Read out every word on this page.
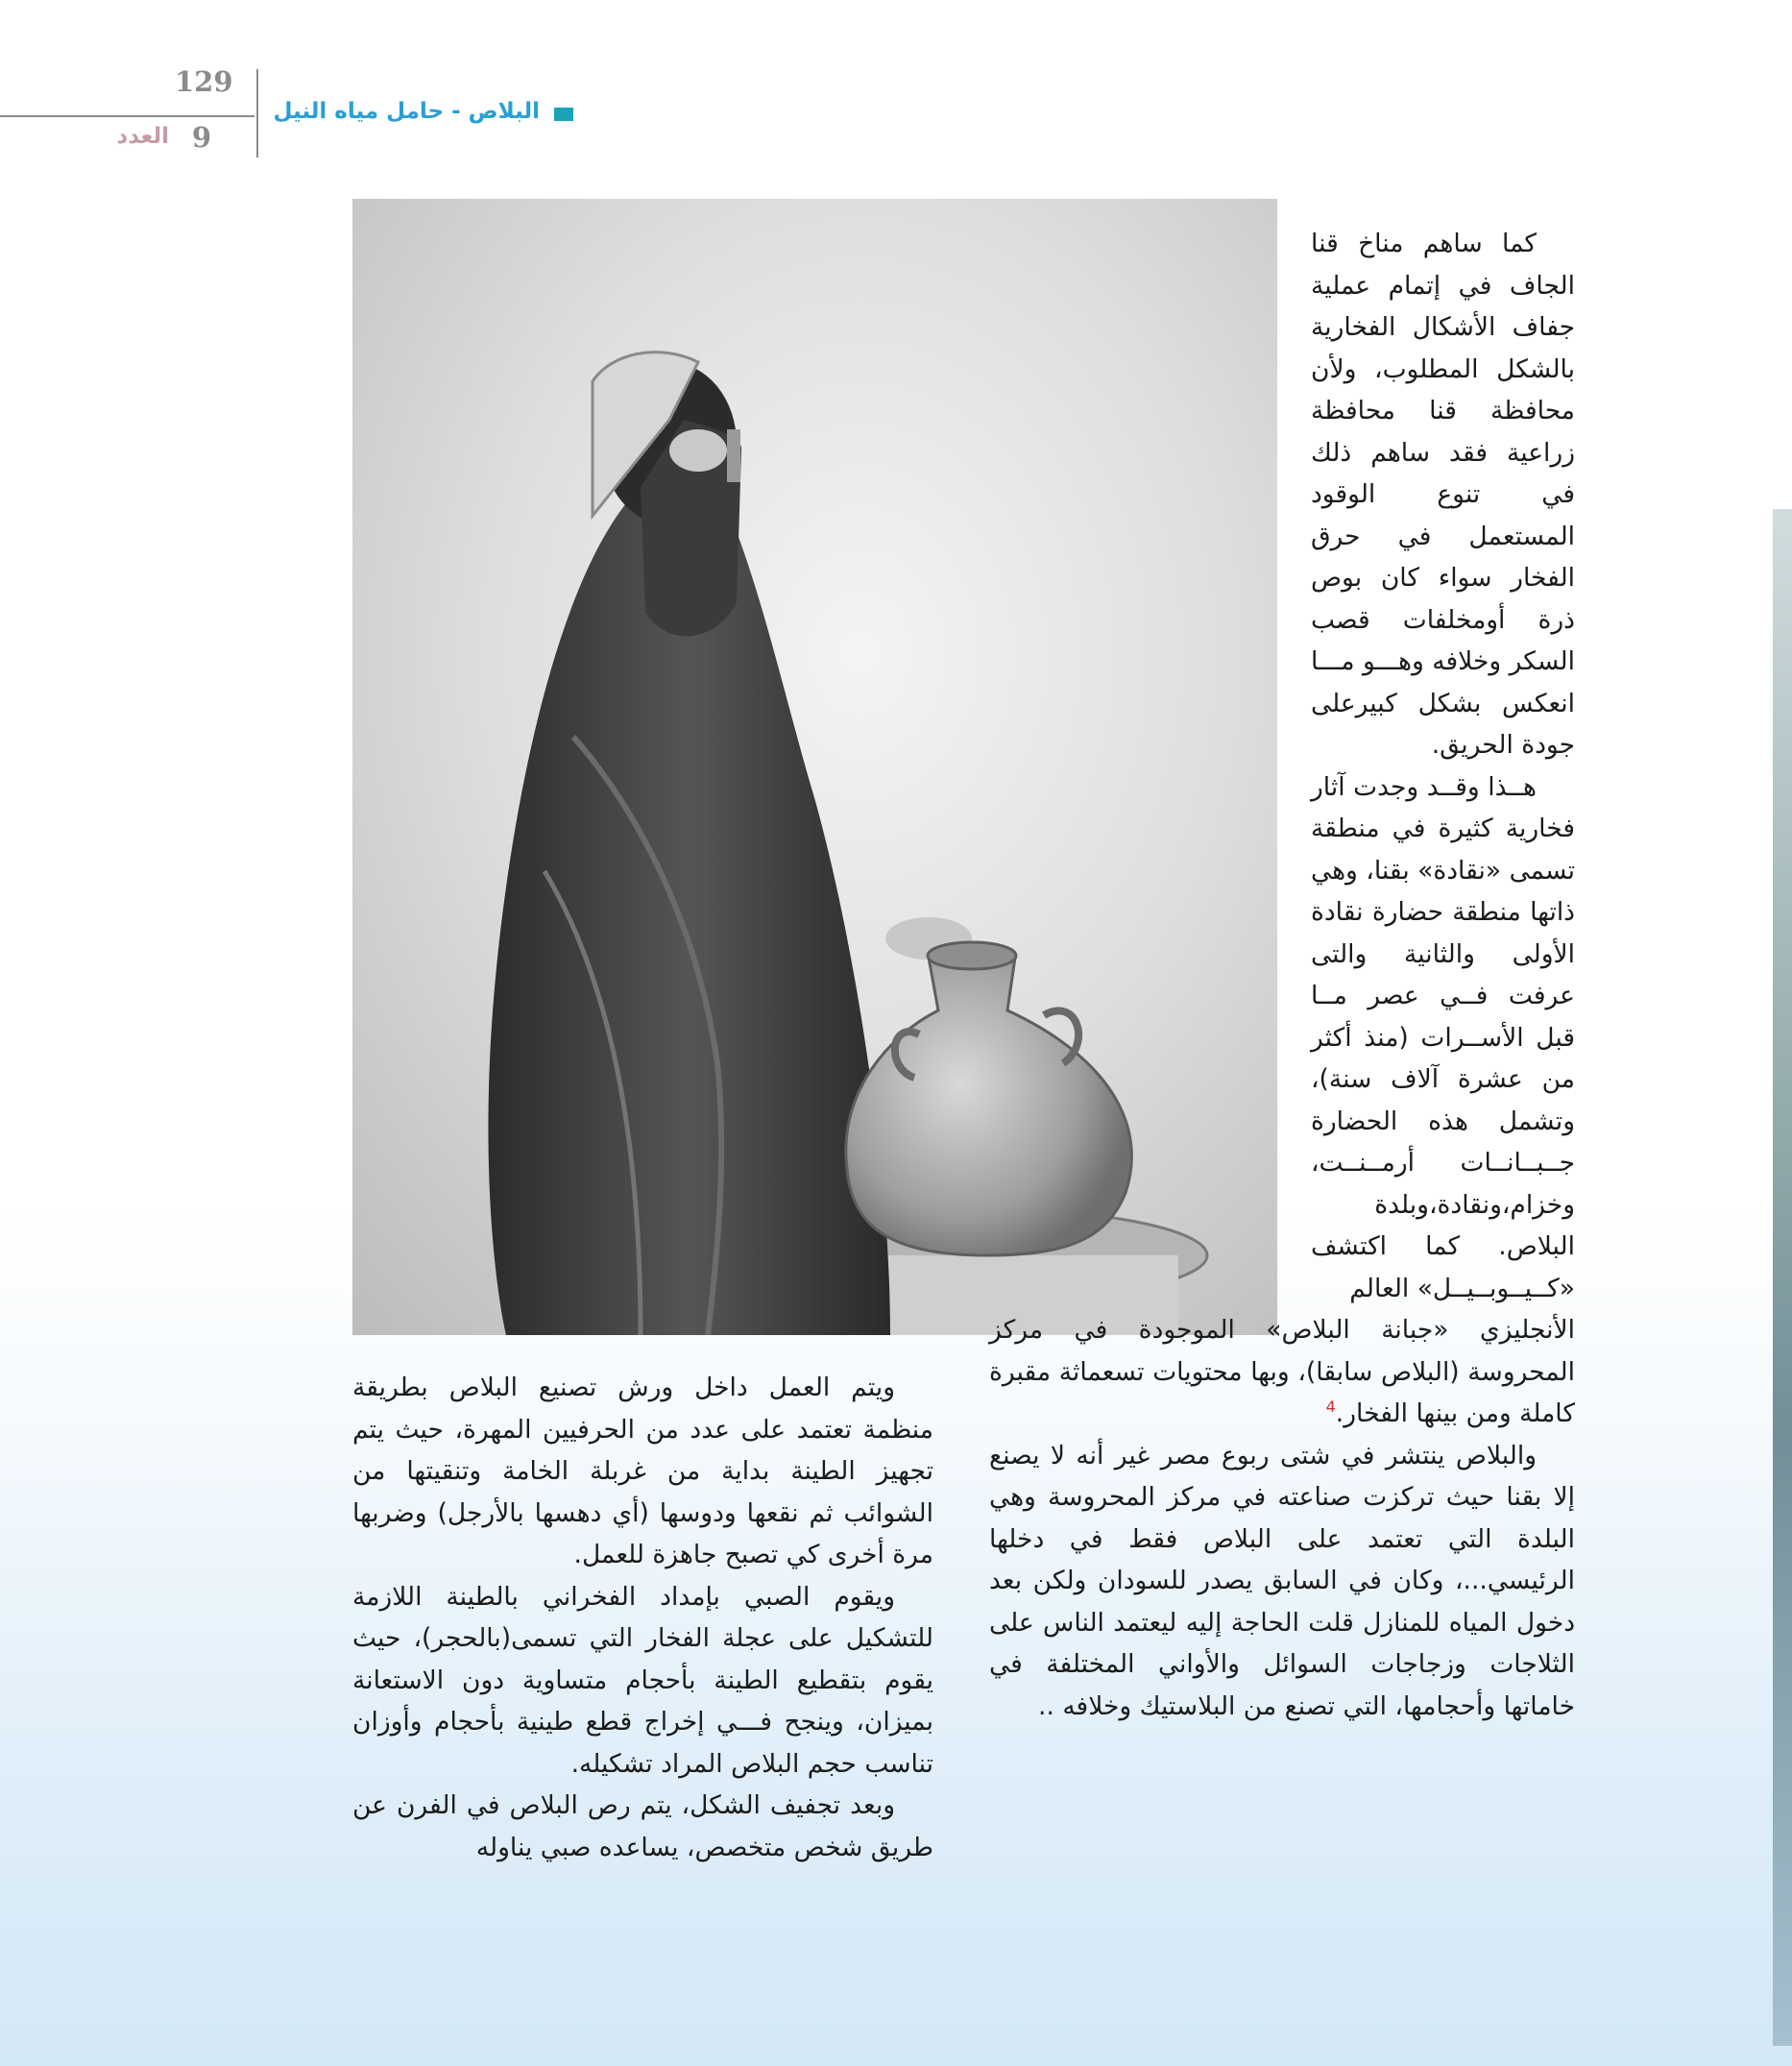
129
9
العدد
البلاص - حامل مياه النيل

كما ساهم مناخ قنا الجاف في إتمام عملية جفاف الأشكال الفخارية بالشكل المطلوب، ولأن محافظة قنا محافظة زراعية فقد ساهم ذلك في تنوع الوقود المستعمل في حرق الفخار سواء كان بوص ذرة أومخلفات قصب السكر وخلافه وهـــو مـــا انعكس بشكل كبيرعلى جودة الحريق.

هــذا وقــد وجدت آثار فخارية كثيرة في منطقة تسمى «نقادة» بقنا، وهي ذاتها منطقة حضارة نقادة الأولى والثانية والتى عرفت فــي عصر مــا قبل الأســرات (منذ أكثر من عشرة آلاف سنة)، وتشمل هذه الحضارة جــبــانــات أرمــنــت، وخزام،ونقادة،وبلدة البلاص. كما اكتشف «كــيــوبــيــل» العالم

الأنجليزي «جبانة البلاص» الموجودة في مركز المحروسة (البلاص سابقا)، وبها محتويات تسعماثة مقبرة كاملة ومن بينها الفخار.$^4$

والبلاص ينتشر في شتى ربوع مصر غير أنه لا يصنع إلا بقنا حيث تركزت صناعته في مركز المحروسة وهي البلدة التي تعتمد على البلاص فقط في دخلها الرئيسي...، وكان في السابق يصدر للسودان ولكن بعد دخول المياه للمنازل قلت الحاجة إليه ليعتمد الناس على الثلاجات وزجاجات السوائل والأواني المختلفة في خاماتها وأحجامها، التي تصنع من البلاستيك وخلافه ..

ويتم العمل داخل ورش تصنيع البلاص بطريقة منظمة تعتمد على عدد من الحرفيين المهرة، حيث يتم تجهيز الطينة بداية من غربلة الخامة وتنقيتها من الشوائب ثم نقعها ودوسها (أي دهسها بالأرجل) وضربها مرة أخرى كي تصبح جاهزة للعمل.

ويقوم الصبي بإمداد الفخراني بالطينة اللازمة للتشكيل على عجلة الفخار التي تسمى(بالحجر)، حيث يقوم بتقطيع الطينة بأحجام متساوية دون الاستعانة بميزان، وينجح فـــي إخراج قطع طينية بأحجام وأوزان تناسب حجم البلاص المراد تشكيله.

وبعد تجفيف الشكل، يتم رص البلاص في الفرن عن طريق شخص متخصص، يساعده صبي يناوله
